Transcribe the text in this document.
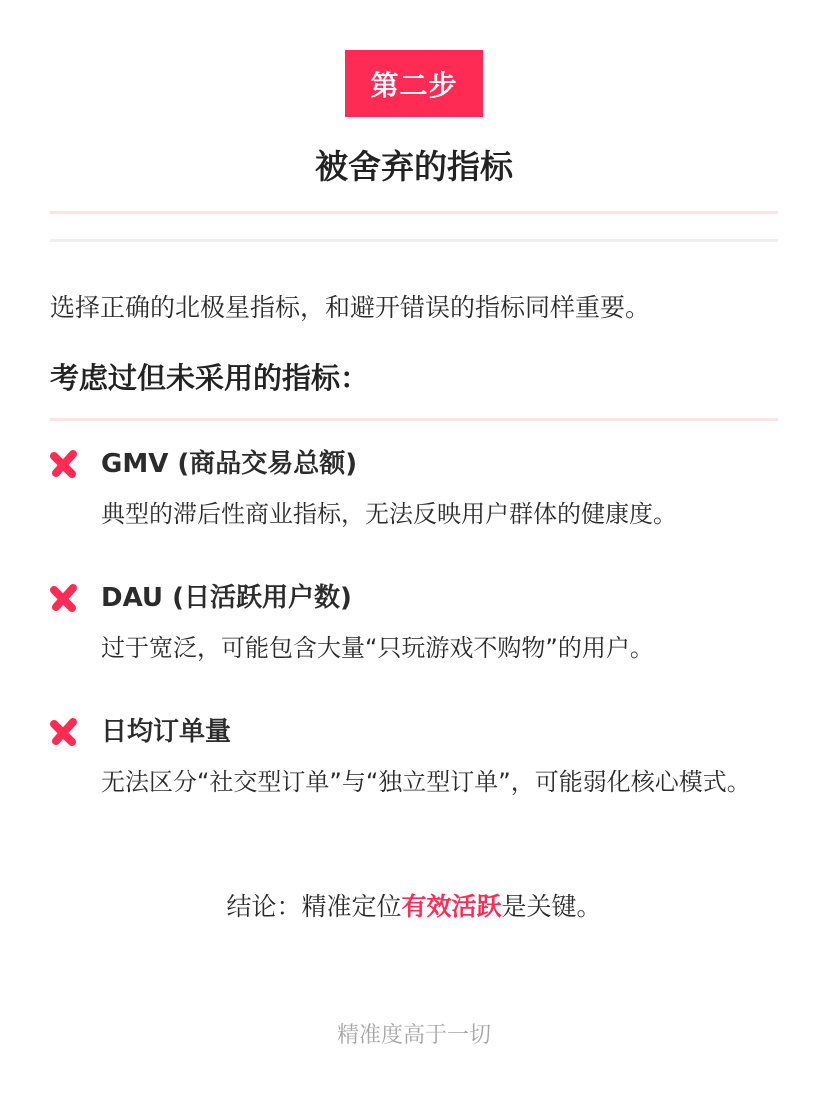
第二步
被舍弃的指标
选择正确的北极星指标，和避开错误的指标同样重要。
考虑过但未采用的指标：
GMV (商品交易总额)
典型的滞后性商业指标，无法反映用户群体的健康度。
DAU (日活跃用户数)
过于宽泛，可能包含大量“只玩游戏不购物”的用户。
日均订单量
无法区分“社交型订单”与“独立型订单”，可能弱化核心模式。
结论：精准定位有效活跃是关键。
精准度高于一切
